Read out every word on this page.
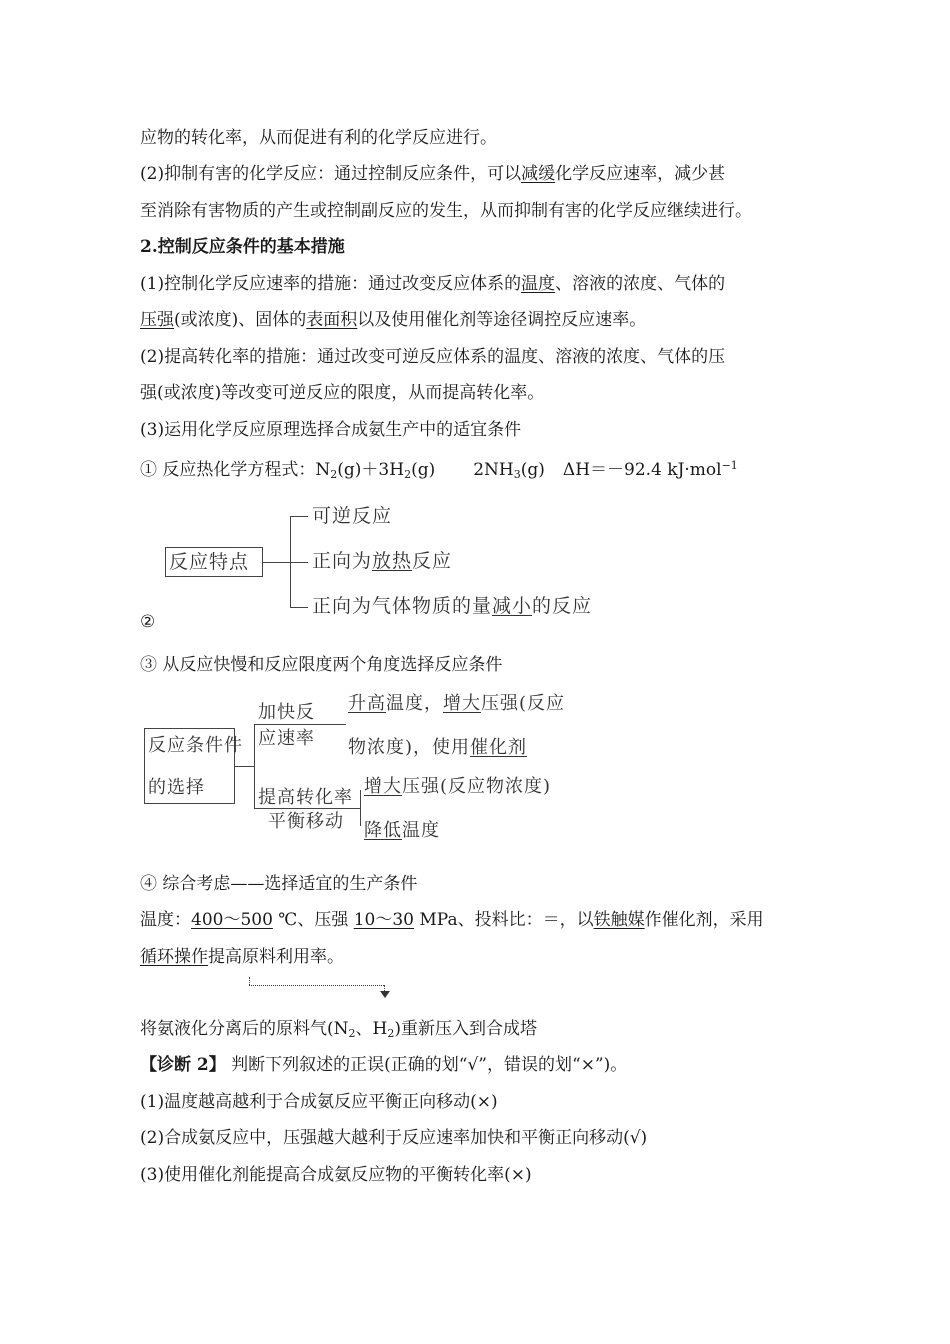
应物的转化率，从而促进有利的化学反应进行。
(2)抑制有害的化学反应：通过控制反应条件，可以减缓化学反应速率，减少甚
至消除有害物质的产生或控制副反应的发生，从而抑制有害的化学反应继续进行。
2.控制反应条件的基本措施
(1)控制化学反应速率的措施：通过改变反应体系的温度、溶液的浓度、气体的
压强(或浓度)、固体的表面积以及使用催化剂等途径调控反应速率。
(2)提高转化率的措施：通过改变可逆反应体系的温度、溶液的浓度、气体的压
强(或浓度)等改变可逆反应的限度，从而提高转化率。
(3)运用化学反应原理选择合成氨生产中的适宜条件
① 反应热化学方程式：$N_2(g)+3H_2(g)$ $2NH_3(g)$ ΔH＝－92.4 kJ·mol$^{-1}$
反应特点
可逆反应
正向为放热反应
正向为气体物质的量减小的反应
②
③ 从反应快慢和反应限度两个角度选择反应条件
反应条件件
的选择
加快反
应速率
升高温度，增大压强(反应
物浓度)，使用催化剂
提高转化率
平衡移动
增大压强(反应物浓度)
降低温度
④ 综合考虑——选择适宜的生产条件
温度：400～500 ℃、压强 10～30 MPa、投料比：＝，以铁触媒作催化剂，采用
循环操作提高原料利用率。
将氨液化分离后的原料气($N_2$、$H_2$)重新压入到合成塔
【诊断 2】 判断下列叙述的正误(正确的划“√”，错误的划“×”)。
(1)温度越高越利于合成氨反应平衡正向移动(×)
(2)合成氨反应中，压强越大越利于反应速率加快和平衡正向移动(√)
(3)使用催化剂能提高合成氨反应物的平衡转化率(×)
